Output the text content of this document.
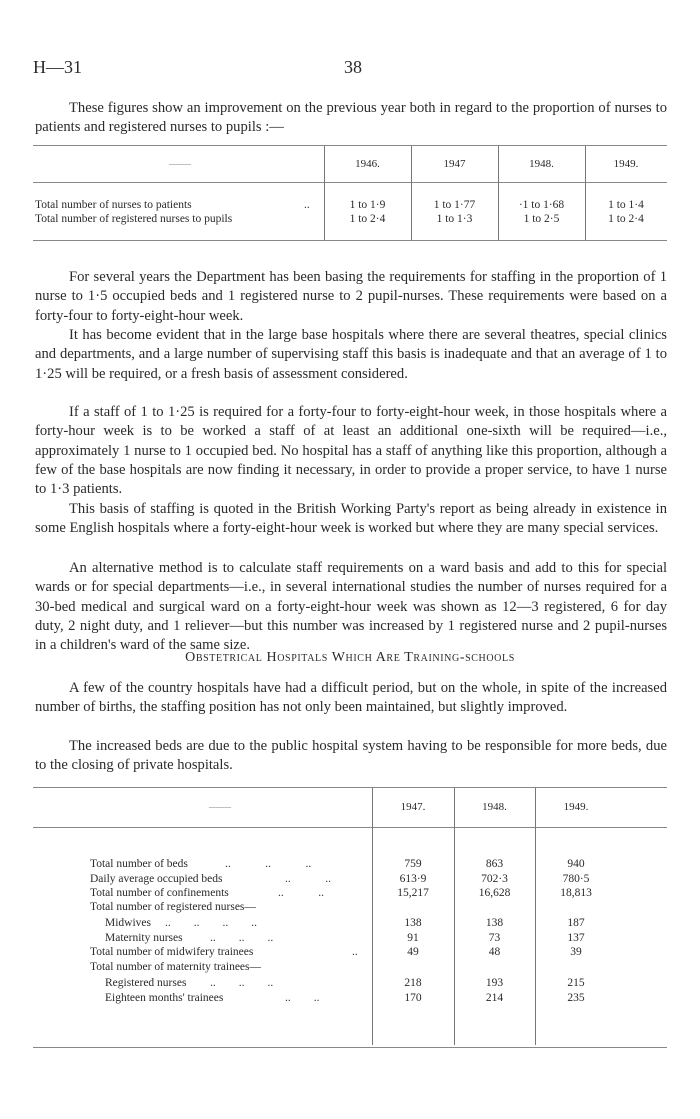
H—31	38

These figures show an improvement on the previous year both in regard to the proportion of nurses to patients and registered nurses to pupils :—

——	1946.	1947	1948.	1949.
Total number of nurses to patients	..	1 to 1·9	1 to 1·77	·1 to 1·68	1 to 1·4
Total number of registered nurses to pupils	1 to 2·4	1 to 1·3	1 to 2·5	1 to 2·4

For several years the Department has been basing the requirements for staffing in the proportion of 1 nurse to 1·5 occupied beds and 1 registered nurse to 2 pupil-nurses. These requirements were based on a forty-four to forty-eight-hour week.

It has become evident that in the large base hospitals where there are several theatres, special clinics and departments, and a large number of supervising staff this basis is inadequate and that an average of 1 to 1·25 will be required, or a fresh basis of assessment considered.

If a staff of 1 to 1·25 is required for a forty-four to forty-eight-hour week, in those hospitals where a forty-hour week is to be worked a staff of at least an additional one-sixth will be required—i.e., approximately 1 nurse to 1 occupied bed. No hospital has a staff of anything like this proportion, although a few of the base hospitals are now finding it necessary, in order to provide a proper service, to have 1 nurse to 1·3 patients.

This basis of staffing is quoted in the British Working Party's report as being already in existence in some English hospitals where a forty-eight-hour week is worked but where they are many special services.

An alternative method is to calculate staff requirements on a ward basis and add to this for special wards or for special departments—i.e., in several international studies the number of nurses required for a 30-bed medical and surgical ward on a forty-eight-hour week was shown as 12—3 registered, 6 for day duty, 2 night duty, and 1 reliever—but this number was increased by 1 registered nurse and 2 pupil-nurses in a children's ward of the same size.

Obstetrical Hospitals Which Are Training-schools

A few of the country hospitals have had a difficult period, but on the whole, in spite of the increased number of births, the staffing position has not only been maintained, but slightly improved.

The increased beds are due to the public hospital system having to be responsible for more beds, due to the closing of private hospitals.

——	1947.	1948.	1949.
Total number of beds	..            ..            ..	759	863	940
Daily average occupied beds	..            ..	613·9	702·3	780·5
Total number of confinements	..            ..	15,217	16,628	18,813
Total number of registered nurses—
Midwives ..        ..        ..        ..	138	138	187
Maternity nurses ..        ..        ..	91	73	137
Total number of midwifery trainees	..	49	48	39
Total number of maternity trainees—
Registered nurses ..        ..        ..	218	193	215
Eighteen months' trainees	..        ..	170	214	235
